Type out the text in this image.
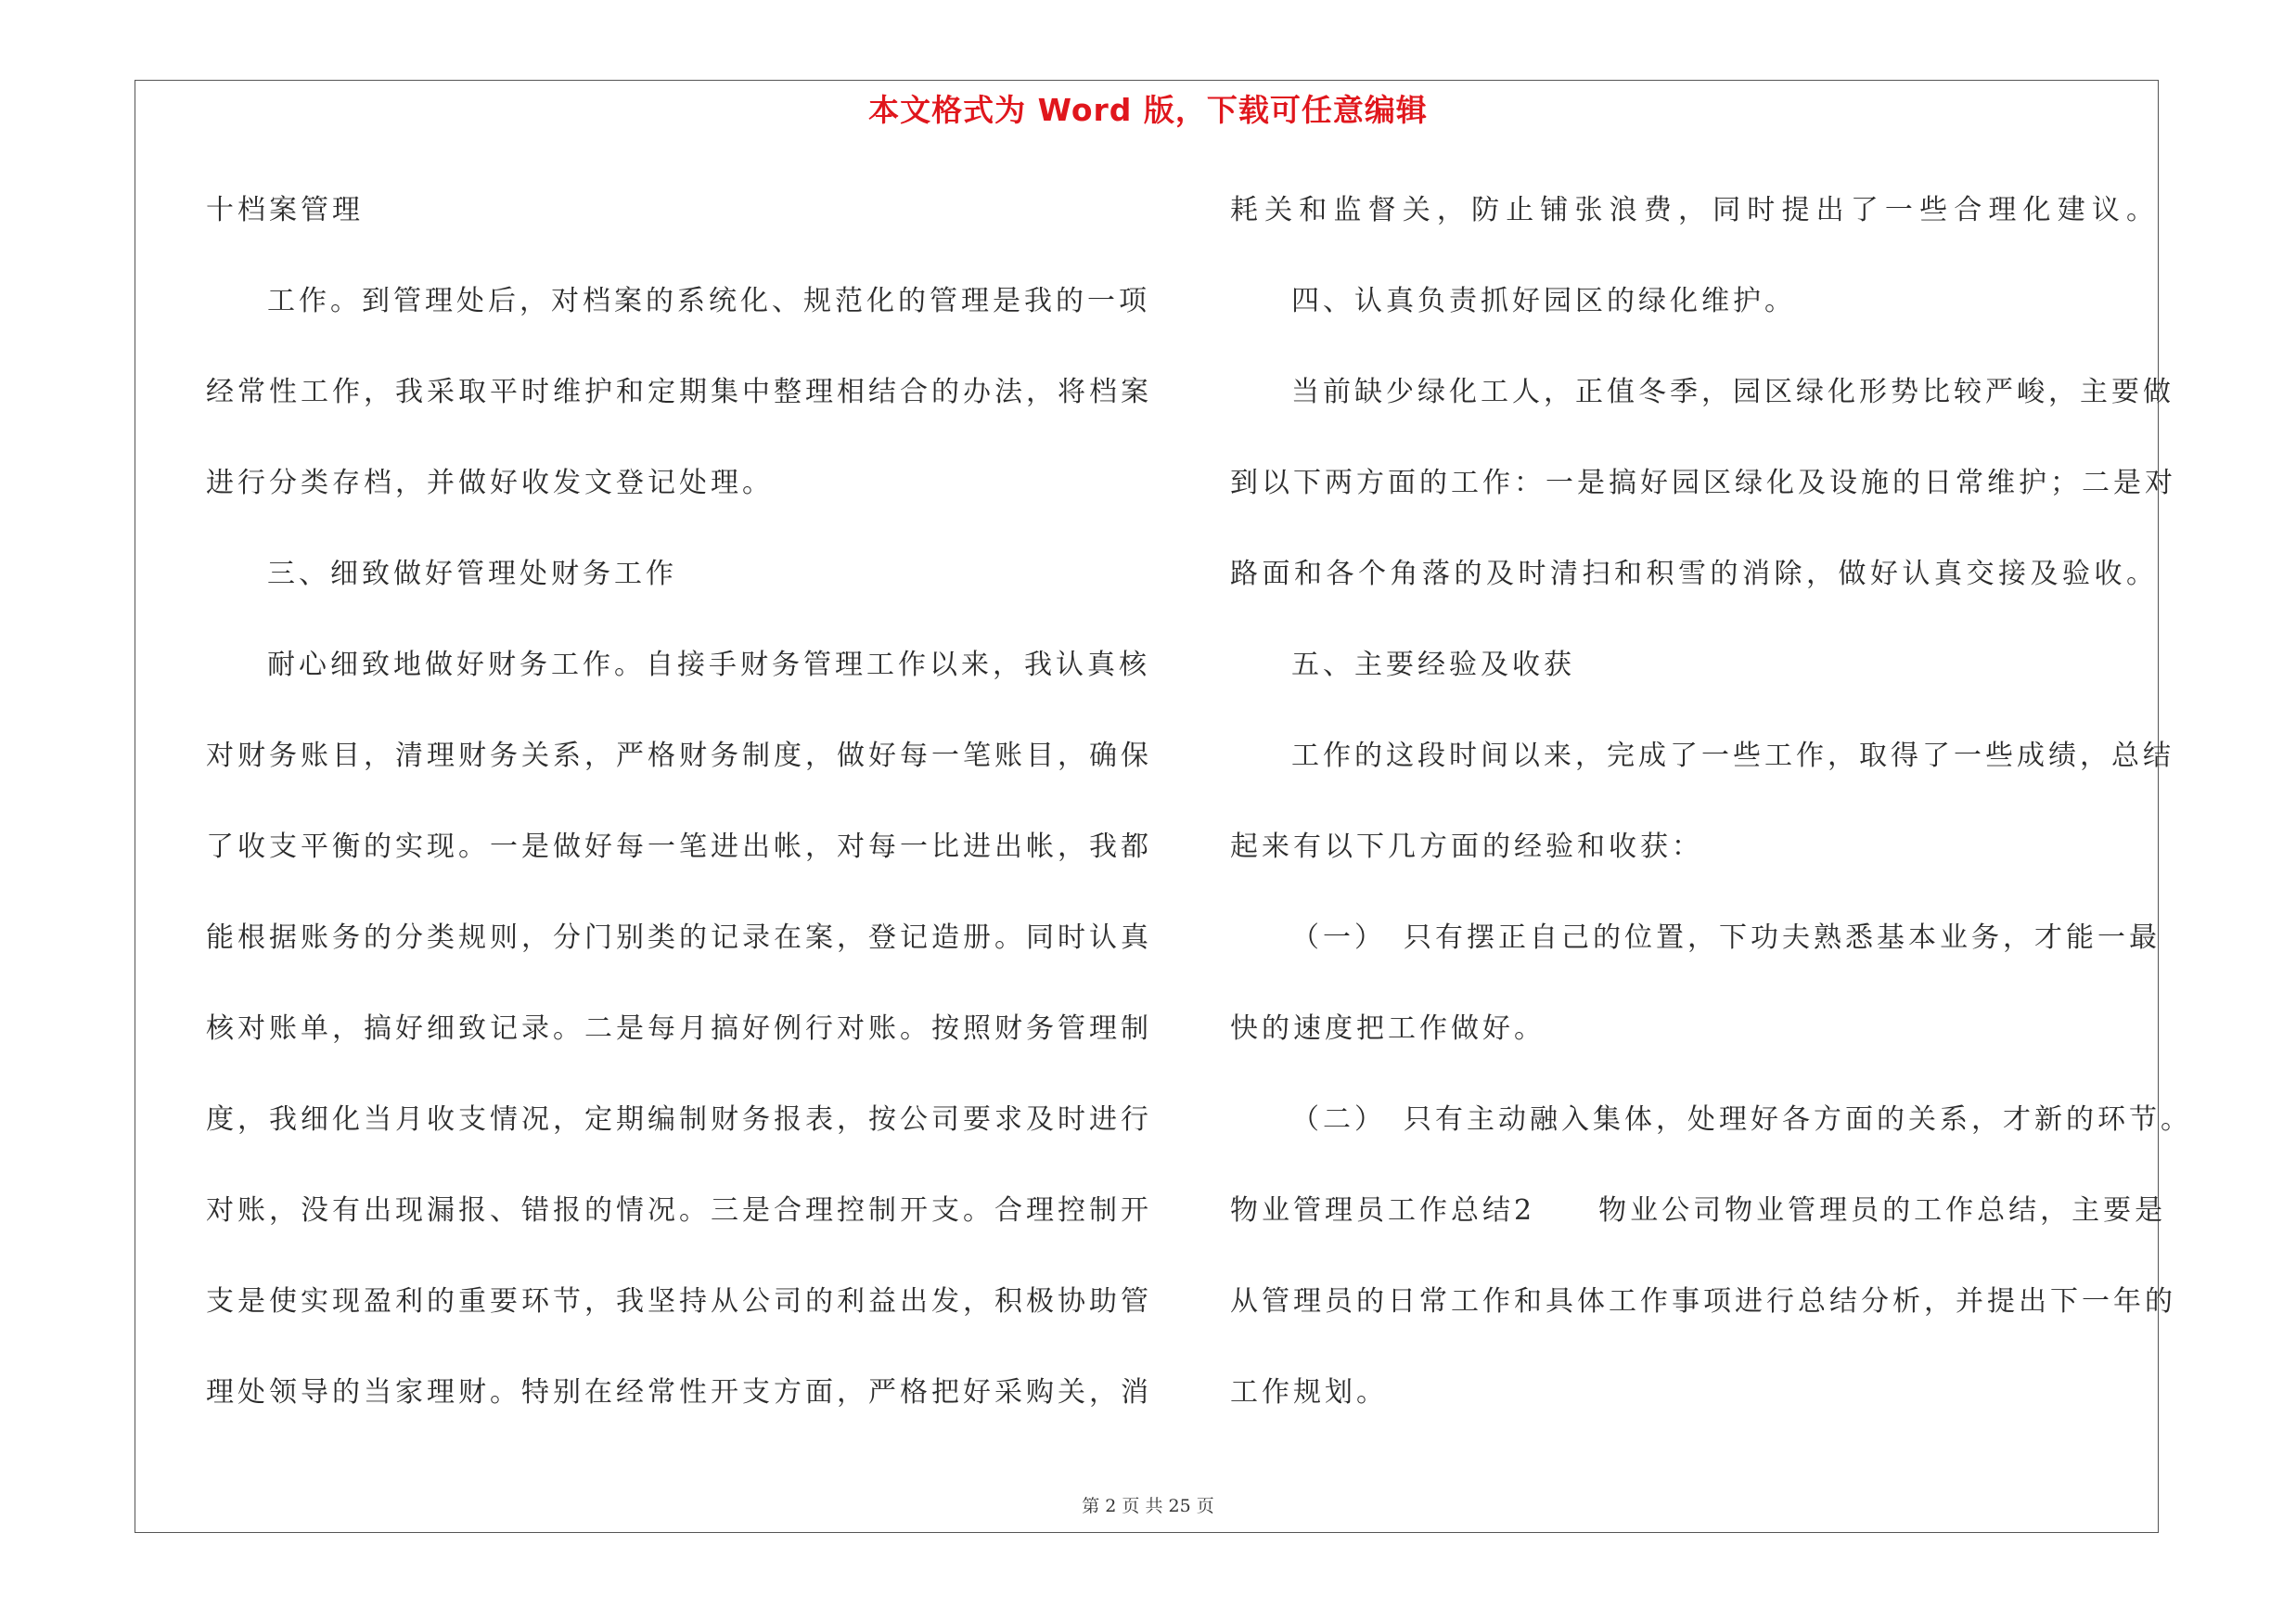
本文格式为 Word 版，下载可任意编辑
十档案管理
工作。到管理处后，对档案的系统化、规范化的管理是我的一项
经常性工作，我采取平时维护和定期集中整理相结合的办法，将档案
进行分类存档，并做好收发文登记处理。
三、细致做好管理处财务工作
耐心细致地做好财务工作。自接手财务管理工作以来，我认真核
对财务账目，清理财务关系，严格财务制度，做好每一笔账目，确保
了收支平衡的实现。一是做好每一笔进出帐，对每一比进出帐，我都
能根据账务的分类规则，分门别类的记录在案，登记造册。同时认真
核对账单，搞好细致记录。二是每月搞好例行对账。按照财务管理制
度，我细化当月收支情况，定期编制财务报表，按公司要求及时进行
对账，没有出现漏报、错报的情况。三是合理控制开支。合理控制开
支是使实现盈利的重要环节，我坚持从公司的利益出发，积极协助管
理处领导的当家理财。特别在经常性开支方面，严格把好采购关，消
耗关和监督关，防止铺张浪费，同时提出了一些合理化建议。
四、认真负责抓好园区的绿化维护。
当前缺少绿化工人，正值冬季，园区绿化形势比较严峻，主要做
到以下两方面的工作：一是搞好园区绿化及设施的日常维护；二是对
路面和各个角落的及时清扫和积雪的消除，做好认真交接及验收。
五、主要经验及收获
工作的这段时间以来，完成了一些工作，取得了一些成绩，总结
起来有以下几方面的经验和收获：
（一）　只有摆正自己的位置，下功夫熟悉基本业务，才能一最
快的速度把工作做好。
（二）　只有主动融入集体，处理好各方面的关系，才新的环节。
物业管理员工作总结2　　物业公司物业管理员的工作总结，主要是
从管理员的日常工作和具体工作事项进行总结分析，并提出下一年的
工作规划。
第 2 页 共 25 页
